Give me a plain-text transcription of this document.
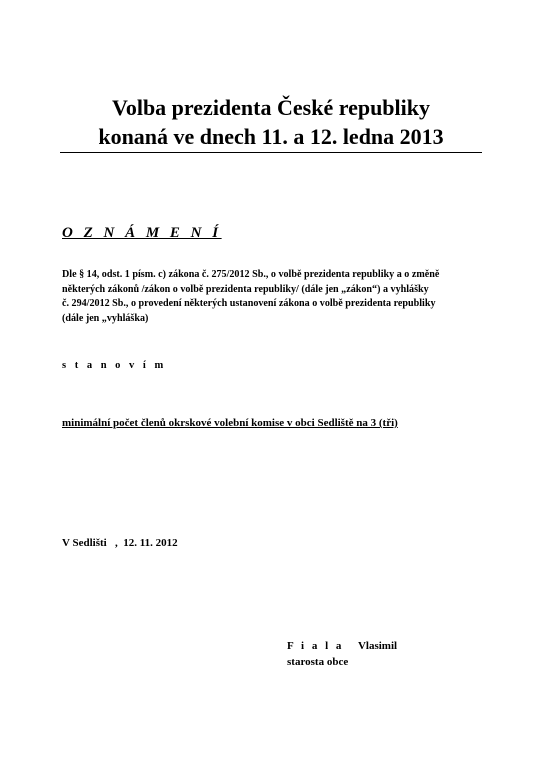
Volba prezidenta České republiky
konaná ve dnech 11. a 12. ledna 2013
O Z N Á M E N Í
Dle § 14, odst. 1 písm. c) zákona č. 275/2012 Sb., o volbě prezidenta republiky a o změně
některých zákonů /zákon o volbě prezidenta republiky/ (dále jen „zákon“) a vyhlášky
č. 294/2012 Sb., o provedení některých ustanovení zákona o volbě prezidenta republiky
(dále jen „vyhláška)
s t a n o v í m
minimální počet členů okrskové volební komise v obci Sedliště na 3 (tři)
V Sedlišti   ,  12. 11. 2012
F i a l a Vlasimil
starosta obce
